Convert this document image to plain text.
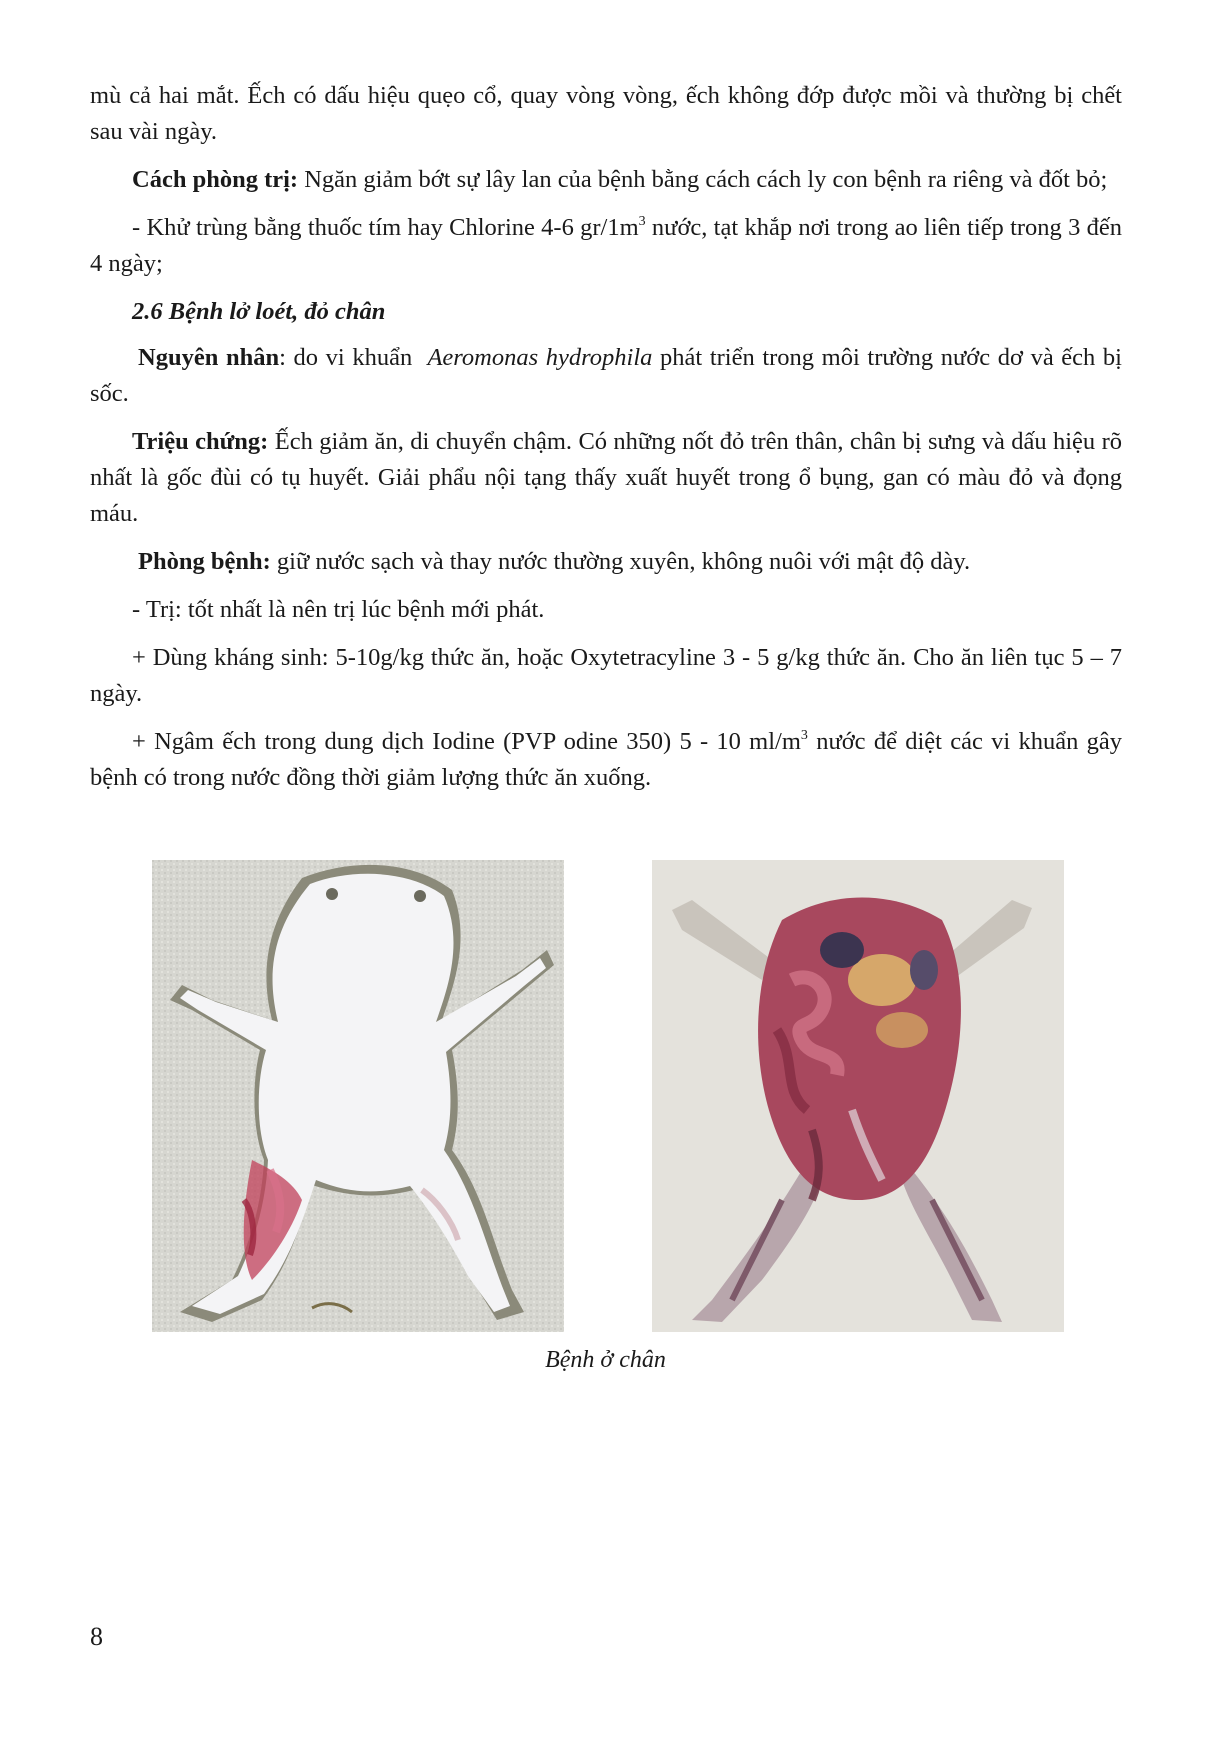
mù cả hai mắt. Ếch có dấu hiệu quẹo cổ, quay vòng vòng, ếch không đớp được mồi và thường bị chết sau vài ngày.

Cách phòng trị: Ngăn giảm bớt sự lây lan của bệnh bằng cách cách ly con bệnh ra riêng và đốt bỏ;

- Khử trùng bằng thuốc tím hay Chlorine 4-6 $gr/1m^3$ nước, tạt khắp nơi trong ao liên tiếp trong 3 đến 4 ngày;

2.6 Bệnh lở loét, đỏ chân

Nguyên nhân: do vi khuẩn  Aeromonas hydrophila phát triển trong môi trường nước dơ và ếch bị sốc.

Triệu chứng: Ếch giảm ăn, di chuyển chậm. Có những nốt đỏ trên thân, chân bị sưng và dấu hiệu rõ nhất là gốc đùi có tụ huyết. Giải phẩu nội tạng thấy xuất huyết trong ổ bụng, gan có màu đỏ và đọng máu.

Phòng bệnh: giữ nước sạch và thay nước thường xuyên, không nuôi với mật độ dày.

- Trị: tốt nhất là nên trị lúc bệnh mới phát.

+ Dùng kháng sinh: 5-10g/kg thức ăn, hoặc Oxytetracyline 3 - 5 g/kg thức ăn. Cho ăn liên tục 5 – 7 ngày.

+ Ngâm ếch trong dung dịch Iodine (PVP odine 350) 5 - 10 $ml/m^3$ nước để diệt các vi khuẩn gây bệnh có trong nước đồng thời giảm lượng thức ăn xuống.

Bệnh ở chân
8
